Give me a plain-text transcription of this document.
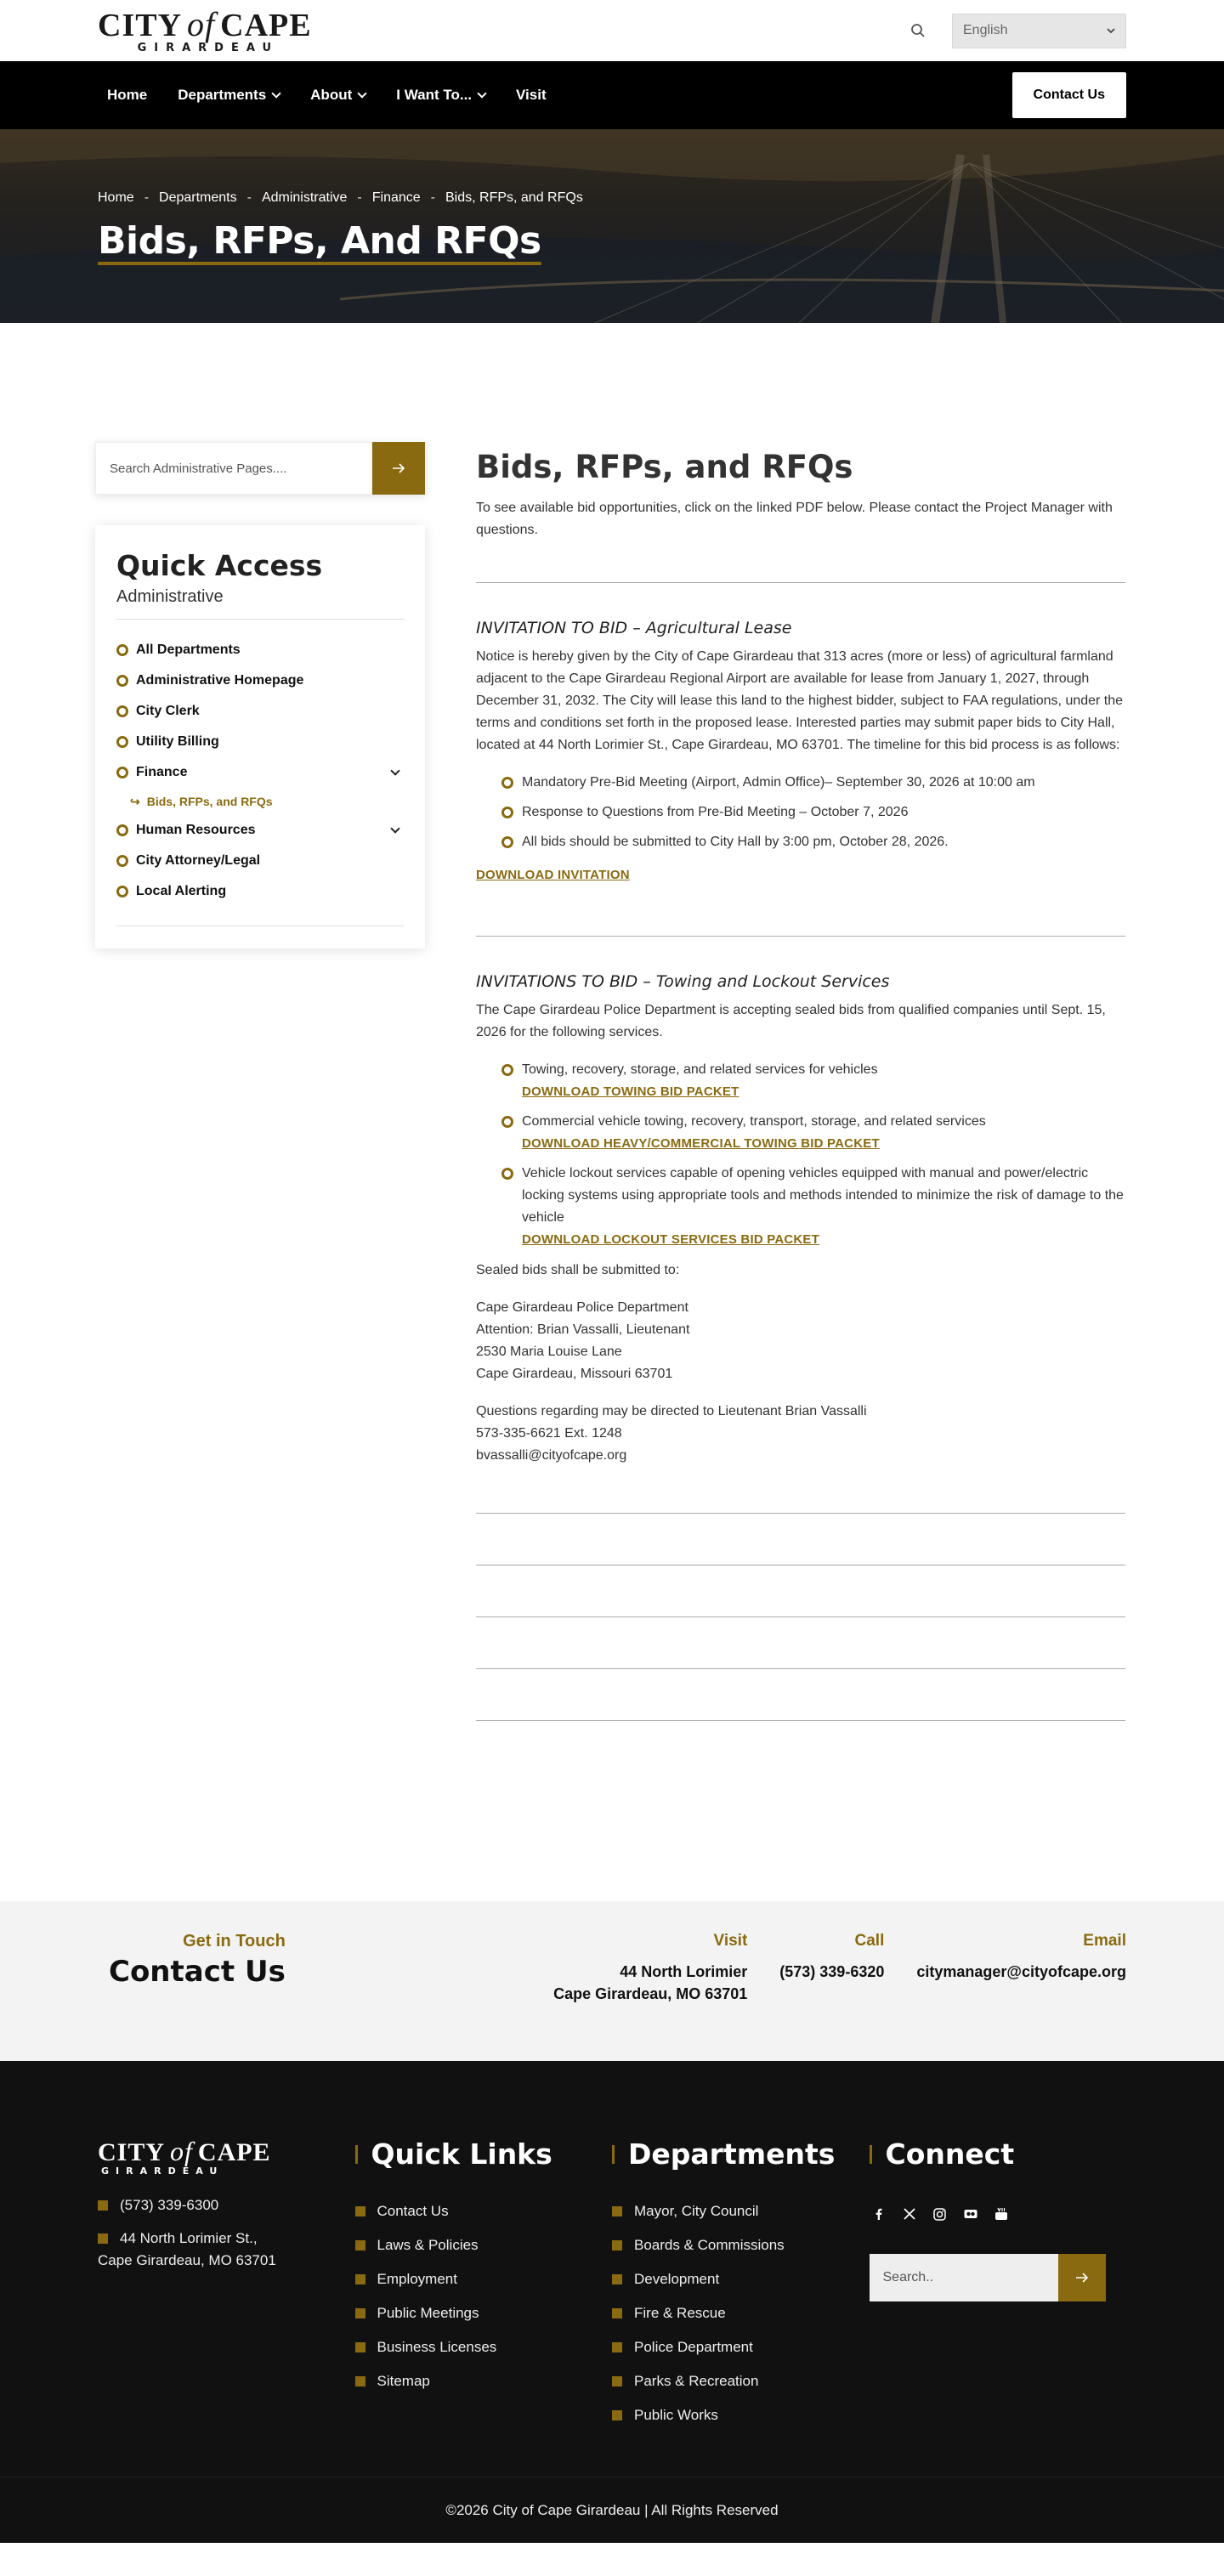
CITY of CAPE
GIRARDEAU
English
Home Departments	About	I Want To...	Visit	Contact Us
Home - Departments - Administrative - Finance - Bids, RFPs, and RFQs
Bids, RFPs, And RFQs
Search Administrative Pages....
Quick Access
Administrative
All Departments
Administrative Homepage
City Clerk
Utility Billing
Finance
↪ Bids, RFPs, and RFQs
Human Resources
City Attorney/Legal
Local Alerting
Bids, RFPs, and RFQs

To see available bid opportunities, click on the linked PDF below. Please contact the Project Manager with questions.

INVITATION TO BID – Agricultural Lease

Notice is hereby given by the City of Cape Girardeau that 313 acres (more or less) of agricultural farmland adjacent to the Cape Girardeau Regional Airport are available for lease from January 1, 2027, through December 31, 2032. The City will lease this land to the highest bidder, subject to FAA regulations, under the terms and conditions set forth in the proposed lease. Interested parties may submit paper bids to City Hall, located at 44 North Lorimier St., Cape Girardeau, MO 63701. The timeline for this bid process is as follows:

Mandatory Pre-Bid Meeting (Airport, Admin Office)– September 30, 2026 at 10:00 am
Response to Questions from Pre-Bid Meeting – October 7, 2026
All bids should be submitted to City Hall by 3:00 pm, October 28, 2026.
DOWNLOAD INVITATION
INVITATIONS TO BID – Towing and Lockout Services

The Cape Girardeau Police Department is accepting sealed bids from qualified companies until Sept. 15, 2026 for the following services.

Towing, recovery, storage, and related services for vehicles
DOWNLOAD TOWING BID PACKET
Commercial vehicle towing, recovery, transport, storage, and related services
DOWNLOAD HEAVY/COMMERCIAL TOWING BID PACKET
Vehicle lockout services capable of opening vehicles equipped with manual and power/electric locking systems using appropriate tools and methods intended to minimize the risk of damage to the vehicle
DOWNLOAD LOCKOUT SERVICES BID PACKET

Sealed bids shall be submitted to:

Cape Girardeau Police Department
Attention: Brian Vassalli, Lieutenant
2530 Maria Louise Lane
Cape Girardeau, Missouri 63701
Questions regarding may be directed to Lieutenant Brian Vassalli
573-335-6621 Ext. 1248
bvassalli@cityofcape.org
Get in Touch
Contact Us
Visit
44 North Lorimier
Cape Girardeau, MO 63701
Call
(573) 339-6320
Email
citymanager@cityofcape.org
CITY of CAPE
GIRARDEAU
(573) 339-6300
44 North Lorimier St.,
Cape Girardeau, MO 63701
Quick Links
Contact Us
Laws & Policies
Employment
Public Meetings
Business Licenses
Sitemap
Departments
Mayor, City Council
Boards & Commissions
Development
Fire & Rescue
Police Department
Parks & Recreation
Public Works
Connect
Search..
©2026 City of Cape Girardeau | All Rights Reserved
